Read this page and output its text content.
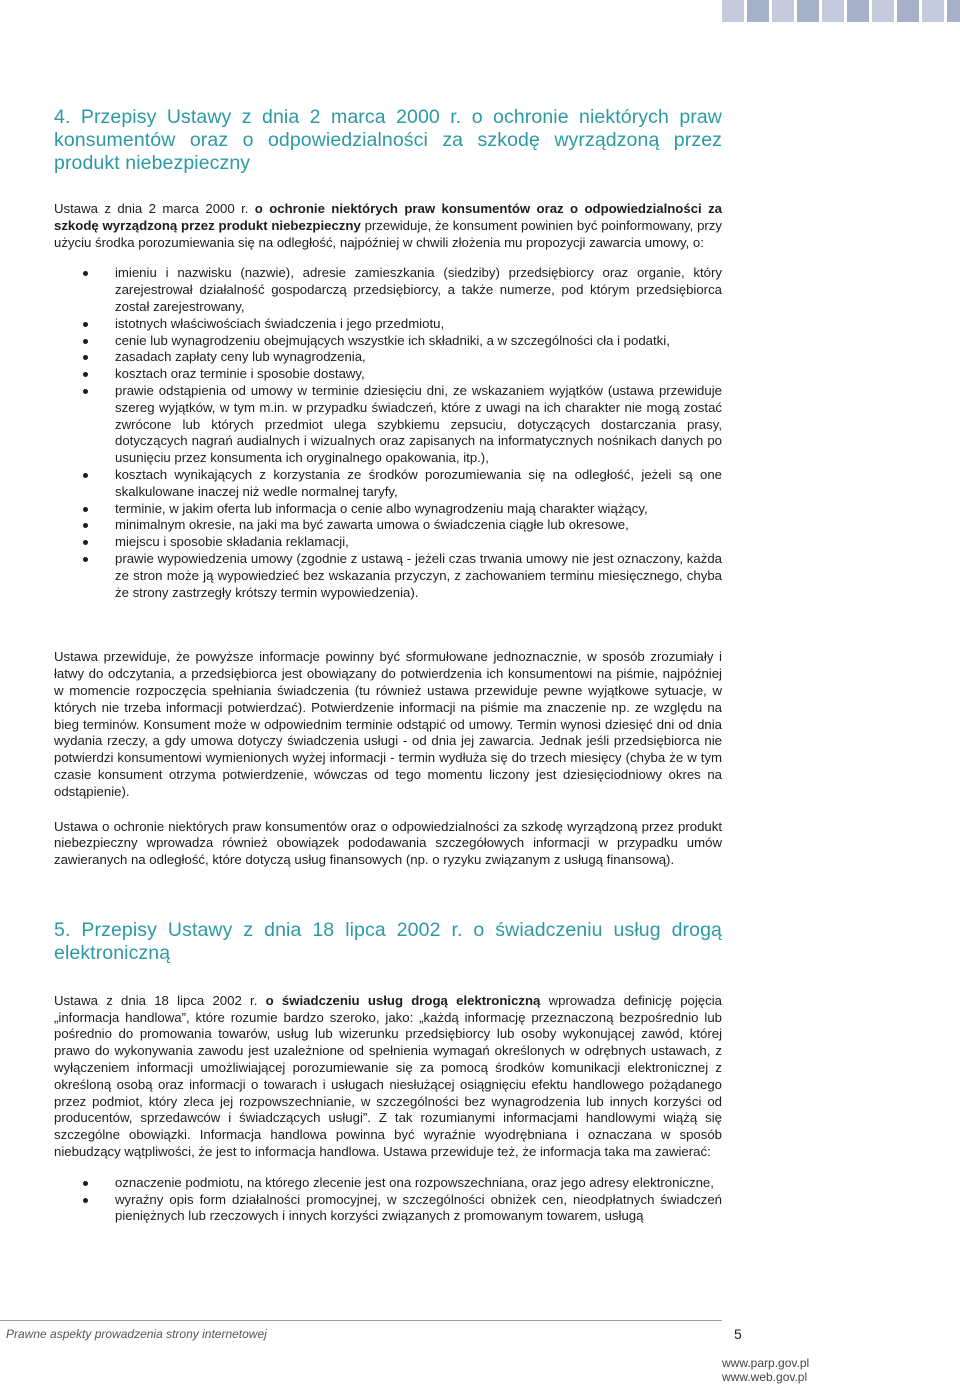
4. Przepisy Ustawy z dnia 2 marca 2000 r. o ochronie niektórych praw konsumentów oraz o odpowiedzialności za szkodę wyrządzoną przez produkt niebezpieczny

Ustawa z dnia 2 marca 2000 r. o ochronie niektórych praw konsumentów oraz o odpowiedzialności za szkodę wyrządzoną przez produkt niebezpieczny przewiduje, że konsument powinien być poinformowany, przy użyciu środka porozumiewania się na odległość, najpóźniej w chwili złożenia mu propozycji zawarcia umowy, o:

imieniu i nazwisku (nazwie), adresie zamieszkania (siedziby) przedsiębiorcy oraz organie, który zarejestrował działalność gospodarczą przedsiębiorcy, a także numerze, pod którym przedsiębiorca został zarejestrowany,
istotnych właściwościach świadczenia i jego przedmiotu,
cenie lub wynagrodzeniu obejmujących wszystkie ich składniki, a w szczególności cła i podatki,
zasadach zapłaty ceny lub wynagrodzenia,
kosztach oraz terminie i sposobie dostawy,
prawie odstąpienia od umowy w terminie dziesięciu dni, ze wskazaniem wyjątków (ustawa przewiduje szereg wyjątków, w tym m.in. w przypadku świadczeń, które z uwagi na ich charakter nie mogą zostać zwrócone lub których przedmiot ulega szybkiemu zepsuciu, dotyczących dostarczania prasy, dotyczących nagrań audialnych i wizualnych oraz zapisanych na informatycznych nośnikach danych po usunięciu przez konsumenta ich oryginalnego opakowania, itp.),
kosztach wynikających z korzystania ze środków porozumiewania się na odległość, jeżeli są one skalkulowane inaczej niż wedle normalnej taryfy,
terminie, w jakim oferta lub informacja o cenie albo wynagrodzeniu mają charakter wiążący,
minimalnym okresie, na jaki ma być zawarta umowa o świadczenia ciągłe lub okresowe,
miejscu i sposobie składania reklamacji,
prawie wypowiedzenia umowy (zgodnie z ustawą - jeżeli czas trwania umowy nie jest oznaczony, każda ze stron może ją wypowiedzieć bez wskazania przyczyn, z zachowaniem terminu miesięcznego, chyba że strony zastrzegły krótszy termin wypowiedzenia).

Ustawa przewiduje, że powyższe informacje powinny być sformułowane jednoznacznie, w sposób zrozumiały i łatwy do odczytania, a przedsiębiorca jest obowiązany do potwierdzenia ich konsumentowi na piśmie, najpóźniej w momencie rozpoczęcia spełniania świadczenia (tu również ustawa przewiduje pewne wyjątkowe sytuacje, w których nie trzeba informacji potwierdzać). Potwierdzenie informacji na piśmie ma znaczenie np. ze względu na bieg terminów. Konsument może w odpowiednim terminie odstąpić od umowy. Termin wynosi dziesięć dni od dnia wydania rzeczy, a gdy umowa dotyczy świadczenia usługi - od dnia jej zawarcia. Jednak jeśli przedsiębiorca nie potwierdzi konsumentowi wymienionych wyżej informacji - termin wydłuża się do trzech miesięcy (chyba że w tym czasie konsument otrzyma potwierdzenie, wówczas od tego momentu liczony jest dziesięciodniowy okres na odstąpienie).

Ustawa o ochronie niektórych praw konsumentów oraz o odpowiedzialności za szkodę wyrządzoną przez produkt niebezpieczny wprowadza również obowiązek pododawania szczegółowych informacji w przypadku umów zawieranych na odległość, które dotyczą usług finansowych (np. o ryzyku związanym z usługą finansową).

5. Przepisy Ustawy z dnia 18 lipca 2002 r. o świadczeniu usług drogą elektroniczną

Ustawa z dnia 18 lipca 2002 r. o świadczeniu usług drogą elektroniczną wprowadza definicję pojęcia „informacja handlowa”, które rozumie bardzo szeroko, jako: „każdą informację przeznaczoną bezpośrednio lub pośrednio do promowania towarów, usług lub wizerunku przedsiębiorcy lub osoby wykonującej zawód, której prawo do wykonywania zawodu jest uzależnione od spełnienia wymagań określonych w odrębnych ustawach, z wyłączeniem informacji umożliwiającej porozumiewanie się za pomocą środków komunikacji elektronicznej z określoną osobą oraz informacji o towarach i usługach niesłużącej osiągnięciu efektu handlowego pożądanego przez podmiot, który zleca jej rozpowszechnianie, w szczególności bez wynagrodzenia lub innych korzyści od producentów, sprzedawców i świadczących usługi”. Z tak rozumianymi informacjami handlowymi wiążą się szczególne obowiązki. Informacja handlowa powinna być wyraźnie wyodrębniana i oznaczana w sposób niebudzący wątpliwości, że jest to informacja handlowa. Ustawa przewiduje też, że informacja taka ma zawierać:

oznaczenie podmiotu, na którego zlecenie jest ona rozpowszechniana, oraz jego adresy elektroniczne,
wyraźny opis form działalności promocyjnej, w szczególności obniżek cen, nieodpłatnych świadczeń pieniężnych lub rzeczowych i innych korzyści związanych z promowanym towarem, usługą
Prawne aspekty prowadzenia strony internetowej	5
www.parp.gov.pl
www.web.gov.pl
